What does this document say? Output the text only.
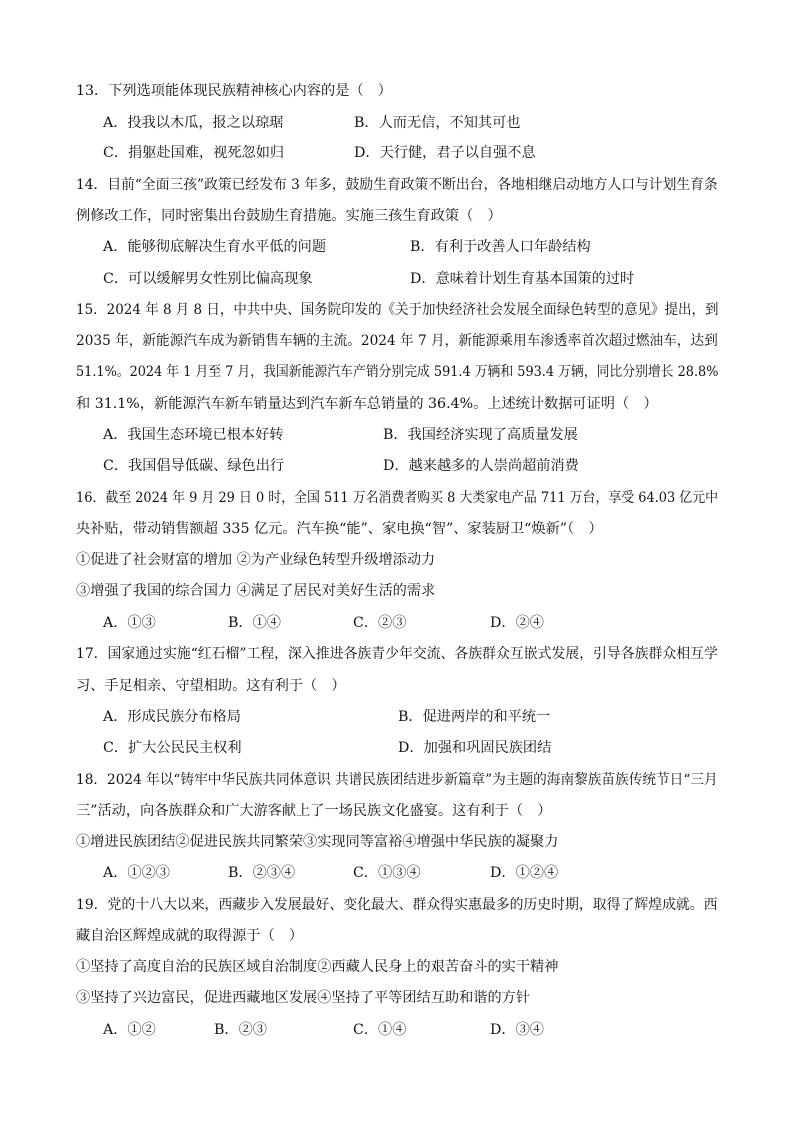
13．下列选项能体现民族精神核心内容的是（　）
A．投我以木瓜，报之以琼琚	B．人而无信，不知其可也
C．捐躯赴国难，视死忽如归	D．天行健，君子以自强不息
14．目前“全面三孩”政策已经发布 3 年多，鼓励生育政策不断出台，各地相继启动地方人口与计划生育条
例修改工作，同时密集出台鼓励生育措施。实施三孩生育政策（　）
A．能够彻底解决生育水平低的问题	B．有利于改善人口年龄结构
C．可以缓解男女性别比偏高现象	D．意味着计划生育基本国策的过时
15．2024 年 8 月 8 日，中共中央、国务院印发的《关于加快经济社会发展全面绿色转型的意见》提出，到
2035 年，新能源汽车成为新销售车辆的主流。2024 年 7 月，新能源乘用车渗透率首次超过燃油车，达到
51.1%。2024 年 1 月至 7 月，我国新能源汽车产销分别完成 591.4 万辆和 593.4 万辆，同比分别增长 28.8%
和 31.1%，新能源汽车新车销量达到汽车新车总销量的 36.4%。上述统计数据可证明（　）
A．我国生态环境已根本好转	B．我国经济实现了高质量发展
C．我国倡导低碳、绿色出行	D．越来越多的人崇尚超前消费
16．截至 2024 年 9 月 29 日 0 时，全国 511 万名消费者购买 8 大类家电产品 711 万台，享受 64.03 亿元中
央补贴，带动销售额超 335 亿元。汽车换“能”、家电换“智”、家装厨卫“焕新”（　）
①促进了社会财富的增加 ②为产业绿色转型升级增添动力
③增强了我国的综合国力 ④满足了居民对美好生活的需求
A．①③	B．①④	C．②③	D．②④
17．国家通过实施“红石榴”工程，深入推进各族青少年交流、各族群众互嵌式发展，引导各族群众相互学
习、手足相亲、守望相助。这有利于（　）
A．形成民族分布格局	B．促进两岸的和平统一
C．扩大公民民主权利	D．加强和巩固民族团结
18．2024 年以“铸牢中华民族共同体意识 共谱民族团结进步新篇章”为主题的海南黎族苗族传统节日“三月
三”活动，向各族群众和广大游客献上了一场民族文化盛宴。这有利于（　）
①增进民族团结②促进民族共同繁荣③实现同等富裕④增强中华民族的凝聚力
A．①②③	B．②③④	C．①③④	D．①②④
19．党的十八大以来，西藏步入发展最好、变化最大、群众得实惠最多的历史时期，取得了辉煌成就。西
藏自治区辉煌成就的取得源于（　）
①坚持了高度自治的民族区域自治制度②西藏人民身上的艰苦奋斗的实干精神
③坚持了兴边富民，促进西藏地区发展④坚持了平等团结互助和谐的方针
A．①②	B．②③	C．①④	D．③④
